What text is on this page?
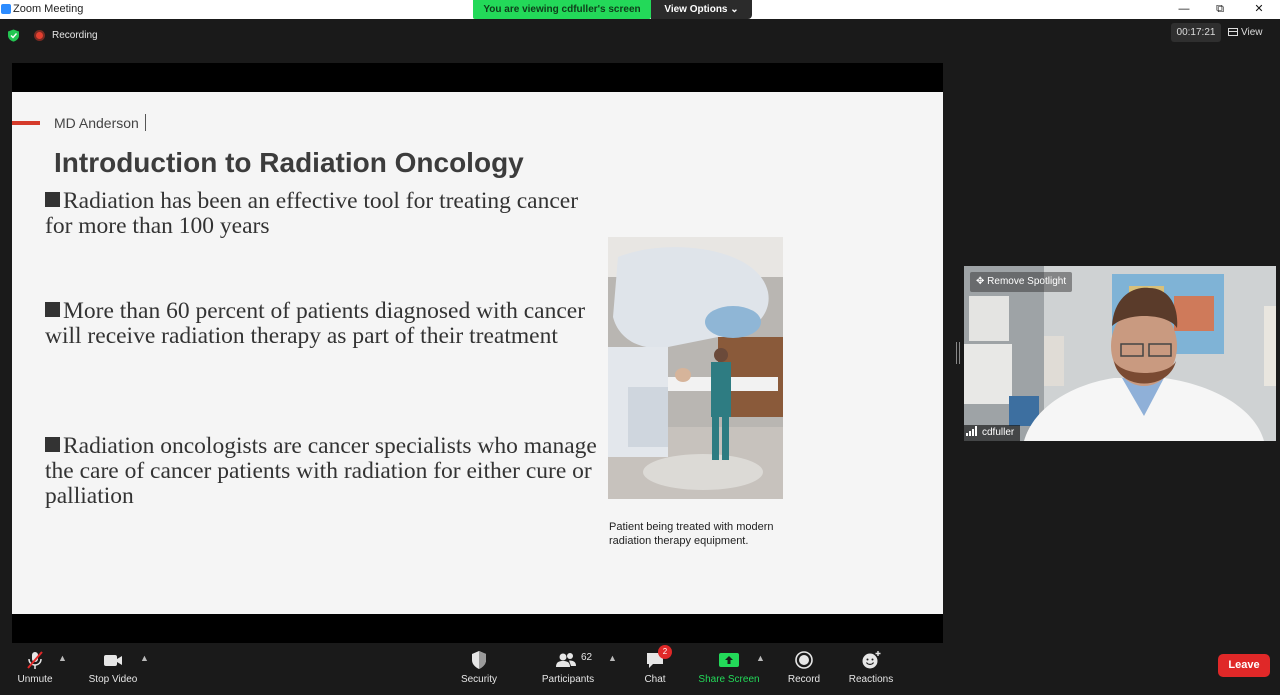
Zoom Meeting	—	⧉	✕
You are viewing cdfuller's screen	View Options ⌄
Recording	00:17:21	View
MD Anderson
Introduction to Radiation Oncology
Radiation has been an effective tool for treating cancer for more than 100 years
More than 60 percent of patients diagnosed with cancer will receive radiation therapy as part of their treatment
Radiation oncologists are cancer specialists who manage the care of cancer patients with radiation for either cure or palliation
Patient being treated with modern radiation therapy equipment.
✥ Remove Spotlight
cdfuller
Unmute
▲
Stop Video
▲
Security	Participants
62 ▲
Chat
2
Share Screen
▲
Record	Reactions
Leave
